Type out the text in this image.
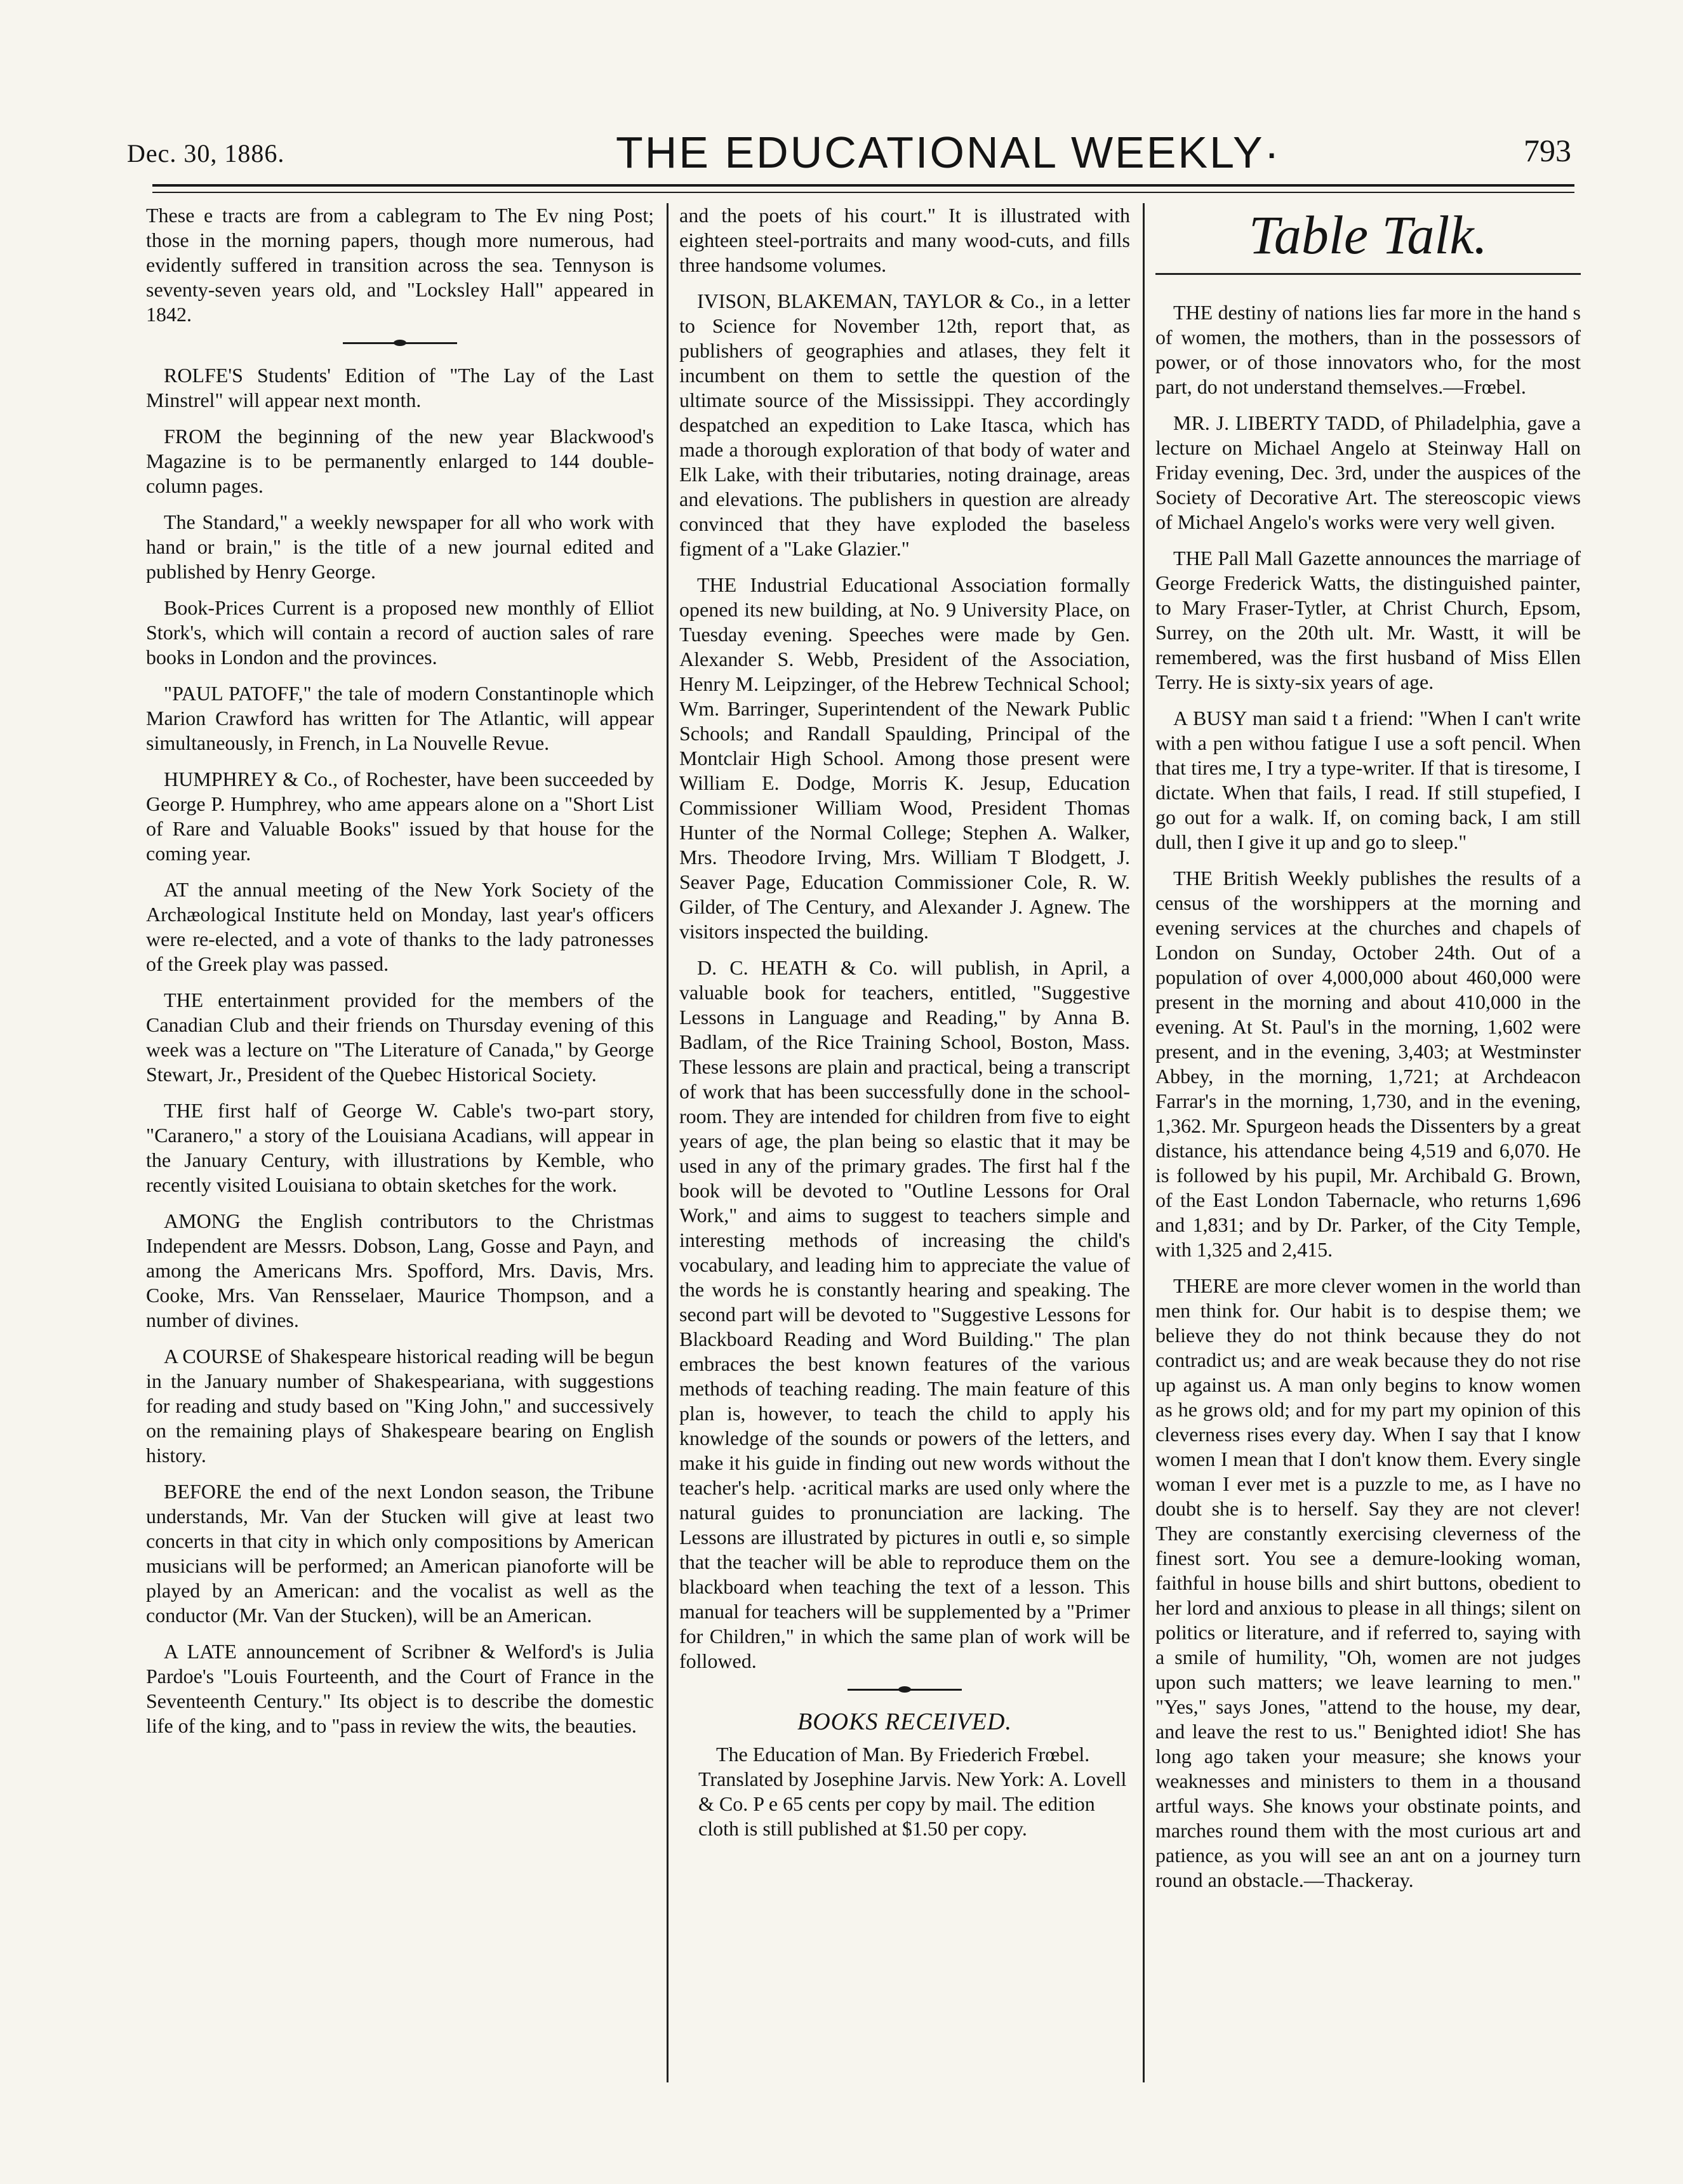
Dec. 30, 1886.	THE EDUCATIONAL WEEKLY·	793

These e tracts are from a cablegram to The Ev ning Post; those in the morning papers, though more numerous, had evidently suffered in transition across the sea. Tennyson is seventy-seven years old, and "Locksley Hall" appeared in 1842.

ROLFE'S Students' Edition of "The Lay of the Last Minstrel" will appear next month.

FROM the beginning of the new year Blackwood's Magazine is to be permanently enlarged to 144 double-column pages.

The Standard," a weekly newspaper for all who work with hand or brain," is the title of a new journal edited and published by Henry George.

Book-Prices Current is a proposed new monthly of Elliot Stork's, which will contain a record of auction sales of rare books in London and the provinces.

"PAUL PATOFF," the tale of modern Constantinople which Marion Crawford has written for The Atlantic, will appear simultaneously, in French, in La Nouvelle Revue.

HUMPHREY & Co., of Rochester, have been succeeded by George P. Humphrey, who ame appears alone on a "Short List of Rare and Valuable Books" issued by that house for the coming year.

AT the annual meeting of the New York Society of the Archæological Institute held on Monday, last year's officers were re-elected, and a vote of thanks to the lady patronesses of the Greek play was passed.

THE entertainment provided for the members of the Canadian Club and their friends on Thursday evening of this week was a lecture on "The Literature of Canada," by George Stewart, Jr., President of the Quebec Historical Society.

THE first half of George W. Cable's two-part story, "Caranero," a story of the Louisiana Acadians, will appear in the January Century, with illustrations by Kemble, who recently visited Louisiana to obtain sketches for the work.

AMONG the English contributors to the Christmas Independent are Messrs. Dobson, Lang, Gosse and Payn, and among the Americans Mrs. Spofford, Mrs. Davis, Mrs. Cooke, Mrs. Van Rensselaer, Maurice Thompson, and a number of divines.

A COURSE of Shakespeare historical reading will be begun in the January number of Shakespeariana, with suggestions for reading and study based on "King John," and successively on the remaining plays of Shakespeare bearing on English history.

BEFORE the end of the next London season, the Tribune understands, Mr. Van der Stucken will give at least two concerts in that city in which only compositions by American musicians will be performed; an American pianoforte will be played by an American: and the vocalist as well as the conductor (Mr. Van der Stucken), will be an American.

A LATE announcement of Scribner & Welford's is Julia Pardoe's "Louis Fourteenth, and the Court of France in the Seventeenth Century." Its object is to describe the domestic life of the king, and to "pass in review the wits, the beauties.

and the poets of his court." It is illustrated with eighteen steel-portraits and many wood-cuts, and fills three handsome volumes.

IVISON, BLAKEMAN, TAYLOR & Co., in a letter to Science for November 12th, report that, as publishers of geographies and atlases, they felt it incumbent on them to settle the question of the ultimate source of the Mississippi. They accordingly despatched an expedition to Lake Itasca, which has made a thorough exploration of that body of water and Elk Lake, with their tributaries, noting drainage, areas and elevations. The publishers in question are already convinced that they have exploded the baseless figment of a "Lake Glazier."

THE Industrial Educational Association formally opened its new building, at No. 9 University Place, on Tuesday evening. Speeches were made by Gen. Alexander S. Webb, President of the Association, Henry M. Leipzinger, of the Hebrew Technical School; Wm. Barringer, Superintendent of the Newark Public Schools; and Randall Spaulding, Principal of the Montclair High School. Among those present were William E. Dodge, Morris K. Jesup, Education Commissioner William Wood, President Thomas Hunter of the Normal College; Stephen A. Walker, Mrs. Theodore Irving, Mrs. William T Blodgett, J. Seaver Page, Education Commissioner Cole, R. W. Gilder, of The Century, and Alexander J. Agnew. The visitors inspected the building.

D. C. HEATH & Co. will publish, in April, a valuable book for teachers, entitled, "Suggestive Lessons in Language and Reading," by Anna B. Badlam, of the Rice Training School, Boston, Mass. These lessons are plain and practical, being a transcript of work that has been successfully done in the school-room. They are intended for children from five to eight years of age, the plan being so elastic that it may be used in any of the primary grades. The first hal f the book will be devoted to "Outline Lessons for Oral Work," and aims to suggest to teachers simple and interesting methods of increasing the child's vocabulary, and leading him to appreciate the value of the words he is constantly hearing and speaking. The second part will be devoted to "Suggestive Lessons for Blackboard Reading and Word Building." The plan embraces the best known features of the various methods of teaching reading. The main feature of this plan is, however, to teach the child to apply his knowledge of the sounds or powers of the letters, and make it his guide in finding out new words without the teacher's help. ·acritical marks are used only where the natural guides to pronunciation are lacking. The Lessons are illustrated by pictures in outli e, so simple that the teacher will be able to reproduce them on the blackboard when teaching the text of a lesson. This manual for teachers will be supplemented by a "Primer for Children," in which the same plan of work will be followed.

BOOKS RECEIVED.

The Education of Man. By Friederich Frœbel. Translated by Josephine Jarvis. New York: A. Lovell & Co. P e 65 cents per copy by mail. The edition cloth is still published at $1.50 per copy.

Table Talk.

THE destiny of nations lies far more in the hand s of women, the mothers, than in the possessors of power, or of those innovators who, for the most part, do not understand themselves.—Frœbel.

MR. J. LIBERTY TADD, of Philadelphia, gave a lecture on Michael Angelo at Steinway Hall on Friday evening, Dec. 3rd, under the auspices of the Society of Decorative Art. The stereoscopic views of Michael Angelo's works were very well given.

THE Pall Mall Gazette announces the marriage of George Frederick Watts, the distinguished painter, to Mary Fraser-Tytler, at Christ Church, Epsom, Surrey, on the 20th ult. Mr. Wastt, it will be remembered, was the first husband of Miss Ellen Terry. He is sixty-six years of age.

A BUSY man said t a friend: "When I can't write with a pen withou fatigue I use a soft pencil. When that tires me, I try a type-writer. If that is tiresome, I dictate. When that fails, I read. If still stupefied, I go out for a walk. If, on coming back, I am still dull, then I give it up and go to sleep."

THE British Weekly publishes the results of a census of the worshippers at the morning and evening services at the churches and chapels of London on Sunday, October 24th. Out of a population of over 4,000,000 about 460,000 were present in the morning and about 410,000 in the evening. At St. Paul's in the morning, 1,602 were present, and in the evening, 3,403; at Westminster Abbey, in the morning, 1,721; at Archdeacon Farrar's in the morning, 1,730, and in the evening, 1,362. Mr. Spurgeon heads the Dissenters by a great distance, his attendance being 4,519 and 6,070. He is followed by his pupil, Mr. Archibald G. Brown, of the East London Tabernacle, who returns 1,696 and 1,831; and by Dr. Parker, of the City Temple, with 1,325 and 2,415.

THERE are more clever women in the world than men think for. Our habit is to despise them; we believe they do not think because they do not contradict us; and are weak because they do not rise up against us. A man only begins to know women as he grows old; and for my part my opinion of this cleverness rises every day. When I say that I know women I mean that I don't know them. Every single woman I ever met is a puzzle to me, as I have no doubt she is to herself. Say they are not clever! They are constantly exercising cleverness of the finest sort. You see a demure-looking woman, faithful in house bills and shirt buttons, obedient to her lord and anxious to please in all things; silent on politics or literature, and if referred to, saying with a smile of humility, "Oh, women are not judges upon such matters; we leave learning to men." "Yes," says Jones, "attend to the house, my dear, and leave the rest to us." Benighted idiot! She has long ago taken your measure; she knows your weaknesses and ministers to them in a thousand artful ways. She knows your obstinate points, and marches round them with the most curious art and patience, as you will see an ant on a journey turn round an obstacle.—Thackeray.
